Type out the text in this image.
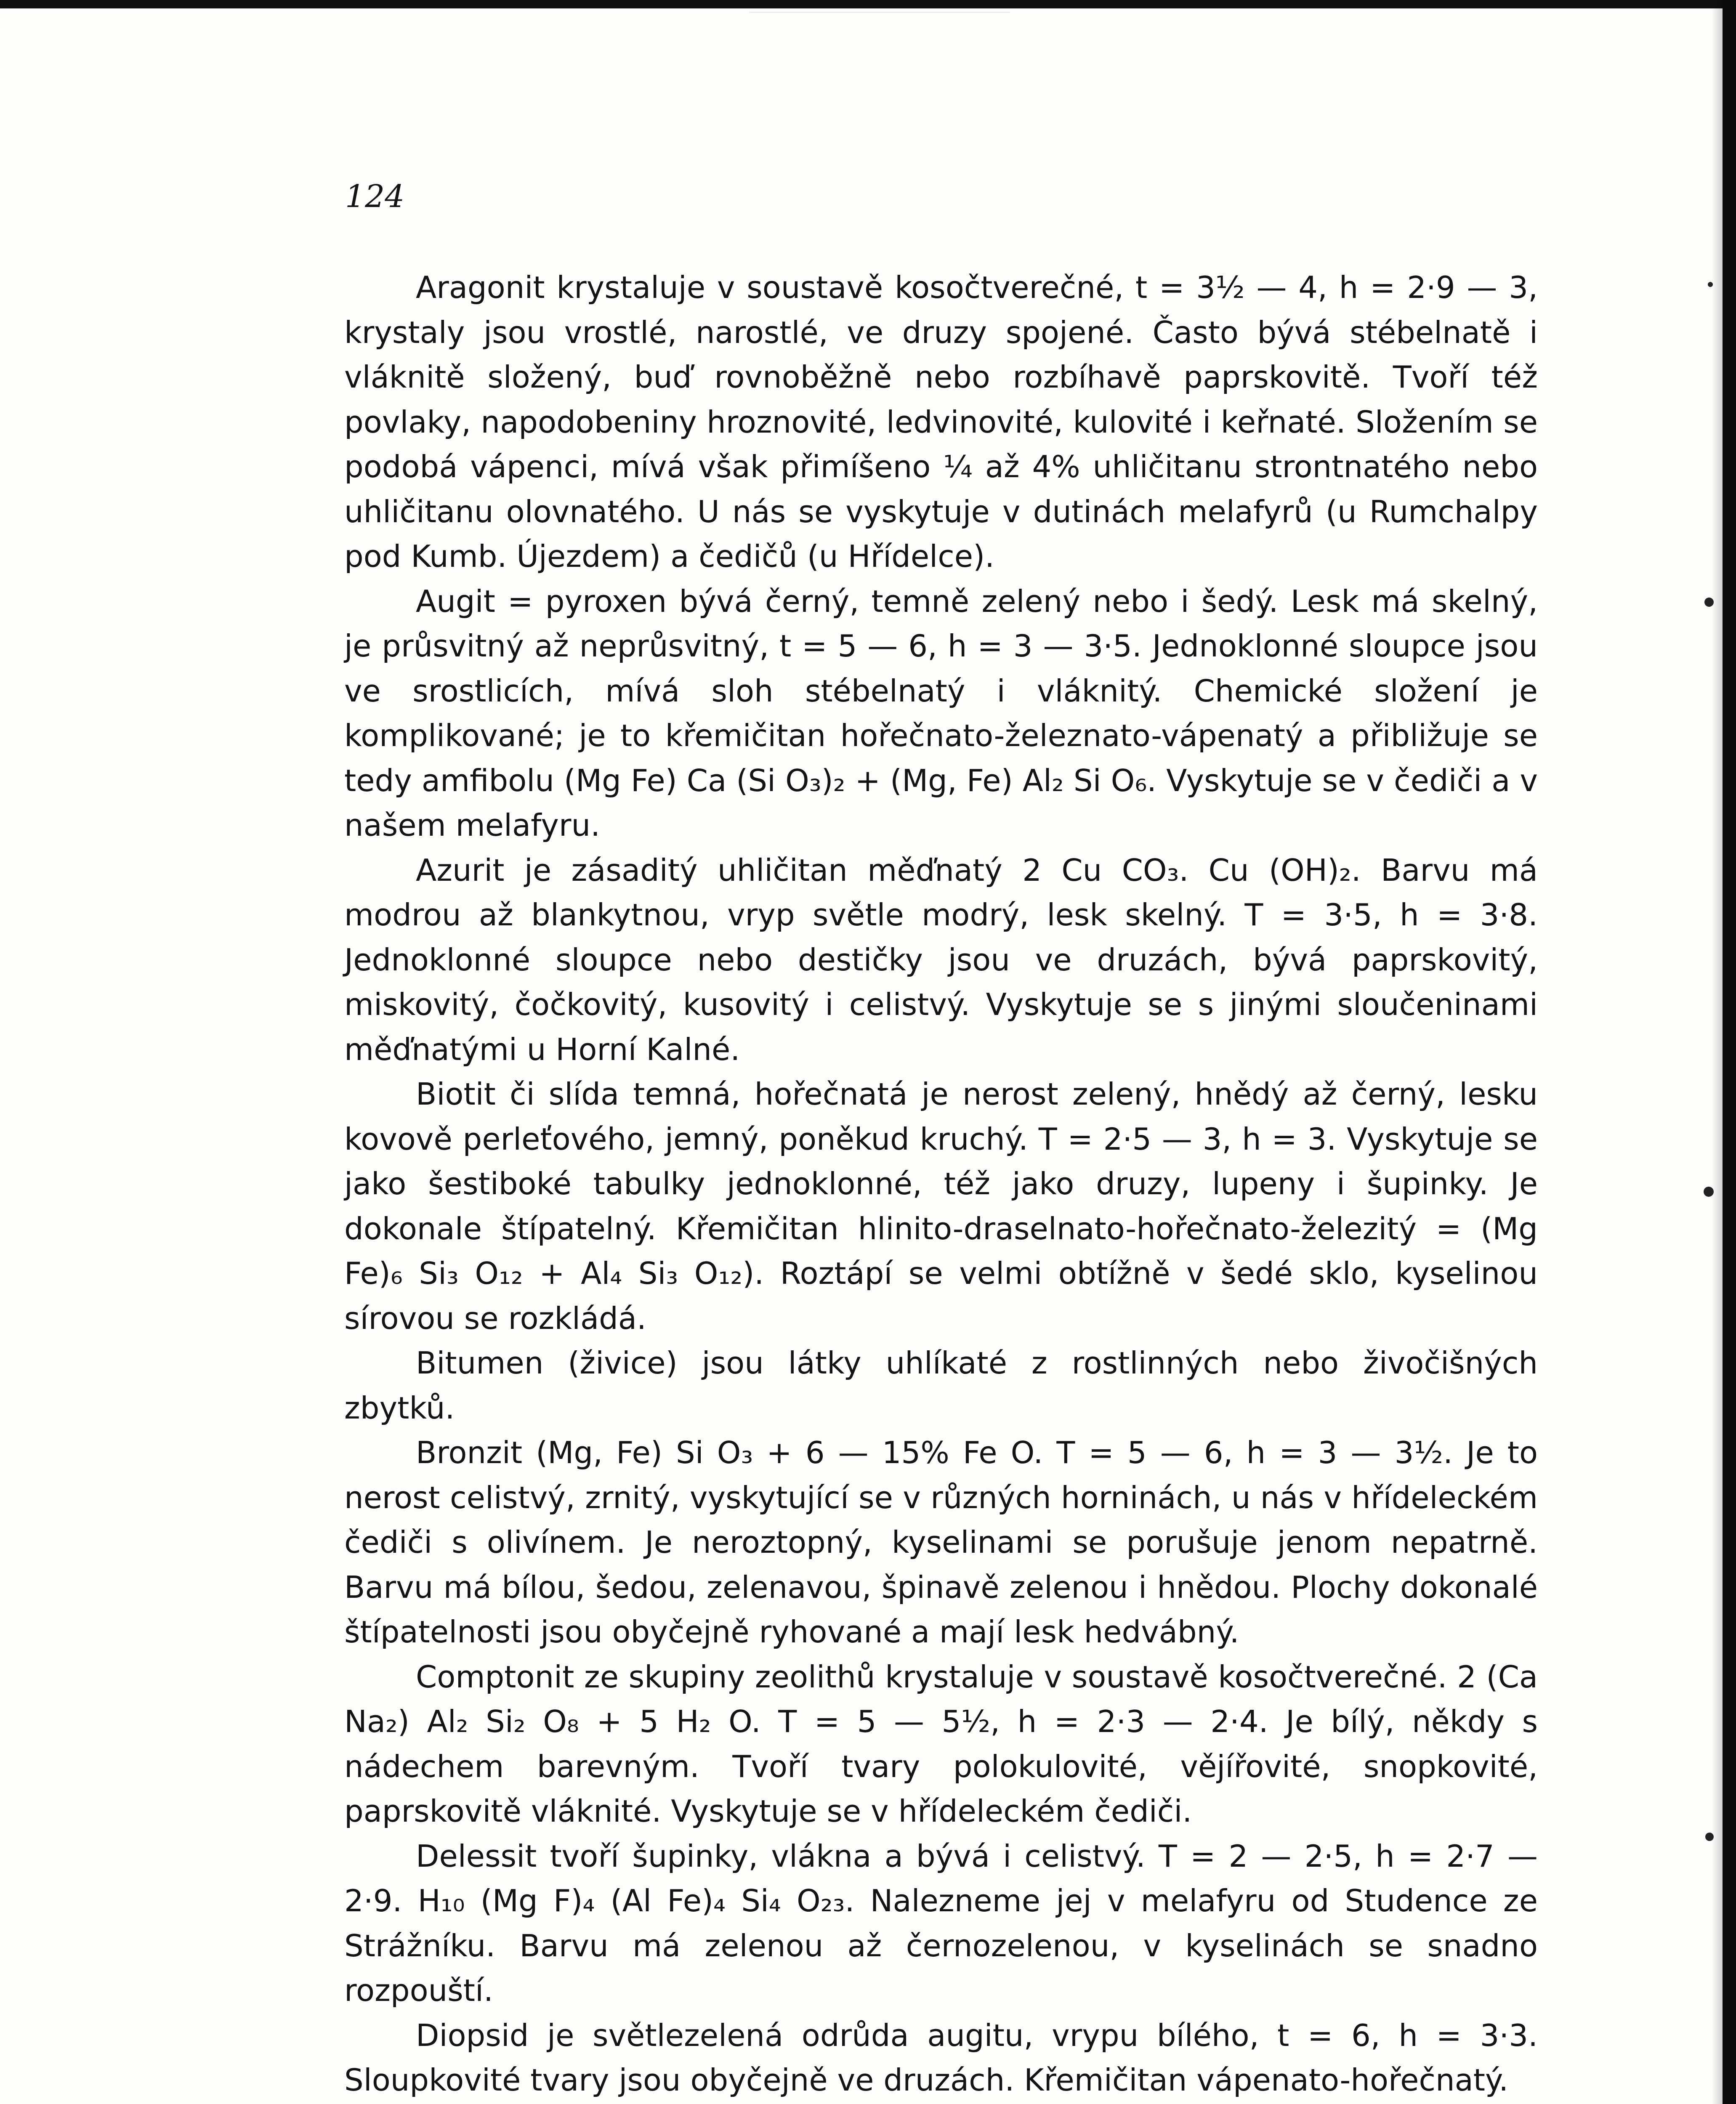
124

Aragonit krystaluje v soustavě kosočtverečné, t = 3½ — 4, h = 2·9 — 3, krystaly jsou vrostlé, narostlé, ve druzy spojené. Často bývá stébelnatě i vláknitě složený, buď rovnoběžně nebo rozbíhavě paprskovitě. Tvoří též povlaky, napodobeniny hroznovité, ledvinovité, kulovité i keřnaté. Složením se podobá vápenci, mívá však přimíšeno ¼ až 4% uhličitanu strontnatého nebo uhličitanu olovnatého. U nás se vyskytuje v dutinách melafyrů (u Rumchalpy pod Kumb. Újezdem) a čedičů (u Hřídelce).

Augit = pyroxen bývá černý, temně zelený nebo i šedý. Lesk má skelný, je průsvitný až neprůsvitný, t = 5 — 6, h = 3 — 3·5. Jednoklonné sloupce jsou ve srostlicích, mívá sloh stébelnatý i vláknitý. Chemické složení je komplikované; je to křemičitan hořečnato-železnato-vápenatý a přibližuje se tedy amfibolu (Mg Fe) Ca (Si O₃)₂ + (Mg, Fe) Al₂ Si O₆. Vyskytuje se v čediči a v našem melafyru.

Azurit je zásaditý uhličitan měďnatý 2 Cu CO₃. Cu (OH)₂. Barvu má modrou až blankytnou, vryp světle modrý, lesk skelný. T = 3·5, h = 3·8. Jednoklonné sloupce nebo destičky jsou ve druzách, bývá paprskovitý, miskovitý, čočkovitý, kusovitý i celistvý. Vyskytuje se s jinými sloučeninami měďnatými u Horní Kalné.

Biotit či slída temná, hořečnatá je nerost zelený, hnědý až černý, lesku kovově perleťového, jemný, poněkud kruchý. T = 2·5 — 3, h = 3. Vyskytuje se jako šestiboké tabulky jednoklonné, též jako druzy, lupeny i šupinky. Je dokonale štípatelný. Křemičitan hlinito-draselnato-hořečnato-železitý = (Mg Fe)₆ Si₃ O₁₂ + Al₄ Si₃ O₁₂). Roztápí se velmi obtížně v šedé sklo, kyselinou sírovou se rozkládá.

Bitumen (živice) jsou látky uhlíkaté z rostlinných nebo živočišných zbytků.

Bronzit (Mg, Fe) Si O₃ + 6 — 15% Fe O. T = 5 — 6, h = 3 — 3½. Je to nerost celistvý, zrnitý, vyskytující se v různých horninách, u nás v hřídeleckém čediči s olivínem. Je neroztopný, kyselinami se porušuje jenom nepatrně. Barvu má bílou, šedou, zelenavou, špinavě zelenou i hnědou. Plochy dokonalé štípatelnosti jsou obyčejně ryhované a mají lesk hedvábný.

Comptonit ze skupiny zeolithů krystaluje v soustavě kosočtverečné. 2 (Ca Na₂) Al₂ Si₂ O₈ + 5 H₂ O. T = 5 — 5½, h = 2·3 — 2·4. Je bílý, někdy s nádechem barevným. Tvoří tvary polokulovité, vějířovité, snopkovité, paprskovitě vláknité. Vyskytuje se v hřídeleckém čediči.

Delessit tvoří šupinky, vlákna a bývá i celistvý. T = 2 — 2·5, h = 2·7 — 2·9. H₁₀ (Mg F)₄ (Al Fe)₄ Si₄ O₂₃. Nalezneme jej v melafyru od Studence ze Strážníku. Barvu má zelenou až černozelenou, v kyselinách se snadno rozpouští.

Diopsid je světlezelená odrůda augitu, vrypu bílého, t = 6, h = 3·3. Sloupkovité tvary jsou obyčejně ve druzách. Křemičitan vápenato-hořečnatý.
